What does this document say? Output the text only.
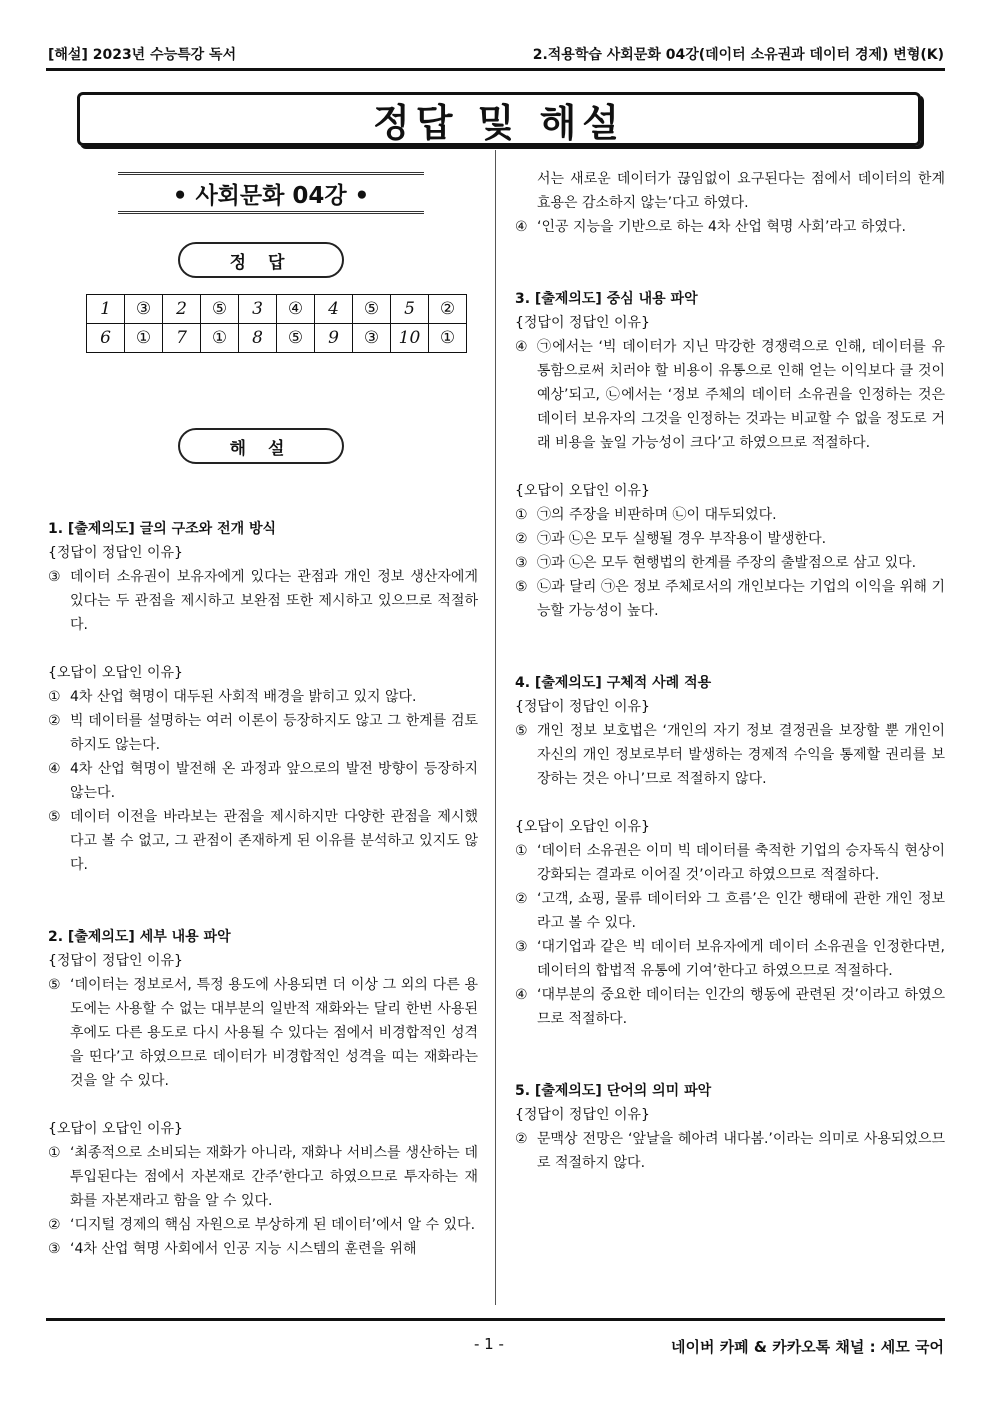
[해설] 2023년 수능특강 독서	2.적용학습 사회문화 04강(데이터 소유권과 데이터 경제) 변형(K)
정답 및 해설
• 사회문화 04강 •
정 답
1	③	2	⑤	3	④	4	⑤	5	②
6	①	7	①	8	⑤	9	③	10	①
해 설

1. [출제의도] 글의 구조와 전개 방식

{정답이 정답인 이유}

③ 데이터 소유권이 보유자에게 있다는 관점과 개인 정보 생산자에게 있다는 두 관점을 제시하고 보완점 또한 제시하고 있으므로 적절하다.

{오답이 오답인 이유}

① 4차 산업 혁명이 대두된 사회적 배경을 밝히고 있지 않다.
② 빅 데이터를 설명하는 여러 이론이 등장하지도 않고 그 한계를 검토하지도 않는다.
④ 4차 산업 혁명이 발전해 온 과정과 앞으로의 발전 방향이 등장하지 않는다.
⑤ 데이터 이전을 바라보는 관점을 제시하지만 다양한 관점을 제시했다고 볼 수 없고, 그 관점이 존재하게 된 이유를 분석하고 있지도 않다.

2. [출제의도] 세부 내용 파악

{정답이 정답인 이유}

⑤ ‘데이터는 정보로서, 특정 용도에 사용되면 더 이상 그 외의 다른 용도에는 사용할 수 없는 대부분의 일반적 재화와는 달리 한번 사용된 후에도 다른 용도로 다시 사용될 수 있다는 점에서 비경합적인 성격을 띤다’고 하였으므로 데이터가 비경합적인 성격을 띠는 재화라는 것을 알 수 있다.

{오답이 오답인 이유}

① ‘최종적으로 소비되는 재화가 아니라, 재화나 서비스를 생산하는 데 투입된다는 점에서 자본재로 간주’한다고 하였으므로 투자하는 재화를 자본재라고 함을 알 수 있다.
② ‘디지털 경제의 핵심 자원으로 부상하게 된 데이터’에서 알 수 있다.
③ ‘4차 산업 혁명 사회에서 인공 지능 시스템의 훈련을 위해
서는 새로운 데이터가 끊임없이 요구된다는 점에서 데이터의 한계 효용은 감소하지 않는’다고 하였다.
④ ‘인공 지능을 기반으로 하는 4차 산업 혁명 사회’라고 하였다.

3. [출제의도] 중심 내용 파악

{정답이 정답인 이유}

④ ㉠에서는 ‘빅 데이터가 지닌 막강한 경쟁력으로 인해, 데이터를 유통함으로써 치러야 할 비용이 유통으로 인해 얻는 이익보다 클 것이 예상’되고, ㉡에서는 ‘정보 주체의 데이터 소유권을 인정하는 것은 데이터 보유자의 그것을 인정하는 것과는 비교할 수 없을 정도로 거래 비용을 높일 가능성이 크다’고 하였으므로 적절하다.

{오답이 오답인 이유}

① ㉠의 주장을 비판하며 ㉡이 대두되었다.
② ㉠과 ㉡은 모두 실행될 경우 부작용이 발생한다.
③ ㉠과 ㉡은 모두 현행법의 한계를 주장의 출발점으로 삼고 있다.
⑤ ㉡과 달리 ㉠은 정보 주체로서의 개인보다는 기업의 이익을 위해 기능할 가능성이 높다.

4. [출제의도] 구체적 사례 적용

{정답이 정답인 이유}

⑤ 개인 정보 보호법은 ‘개인의 자기 정보 결정권을 보장할 뿐 개인이 자신의 개인 정보로부터 발생하는 경제적 수익을 통제할 권리를 보장하는 것은 아니’므로 적절하지 않다.

{오답이 오답인 이유}

① ‘데이터 소유권은 이미 빅 데이터를 축적한 기업의 승자독식 현상이 강화되는 결과로 이어질 것’이라고 하였으므로 적절하다.
② ‘고객, 쇼핑, 물류 데이터와 그 흐름’은 인간 행태에 관한 개인 정보라고 볼 수 있다.
③ ‘대기업과 같은 빅 데이터 보유자에게 데이터 소유권을 인정한다면, 데이터의 합법적 유통에 기여’한다고 하였으므로 적절하다.
④ ‘대부분의 중요한 데이터는 인간의 행동에 관련된 것’이라고 하였으므로 적절하다.

5. [출제의도] 단어의 의미 파악

{정답이 정답인 이유}

② 문맥상 전망은 ‘앞날을 헤아려 내다봄.’이라는 의미로 사용되었으므로 적절하지 않다.
- 1 -	네이버 카페 & 카카오톡 채널 : 세모 국어
